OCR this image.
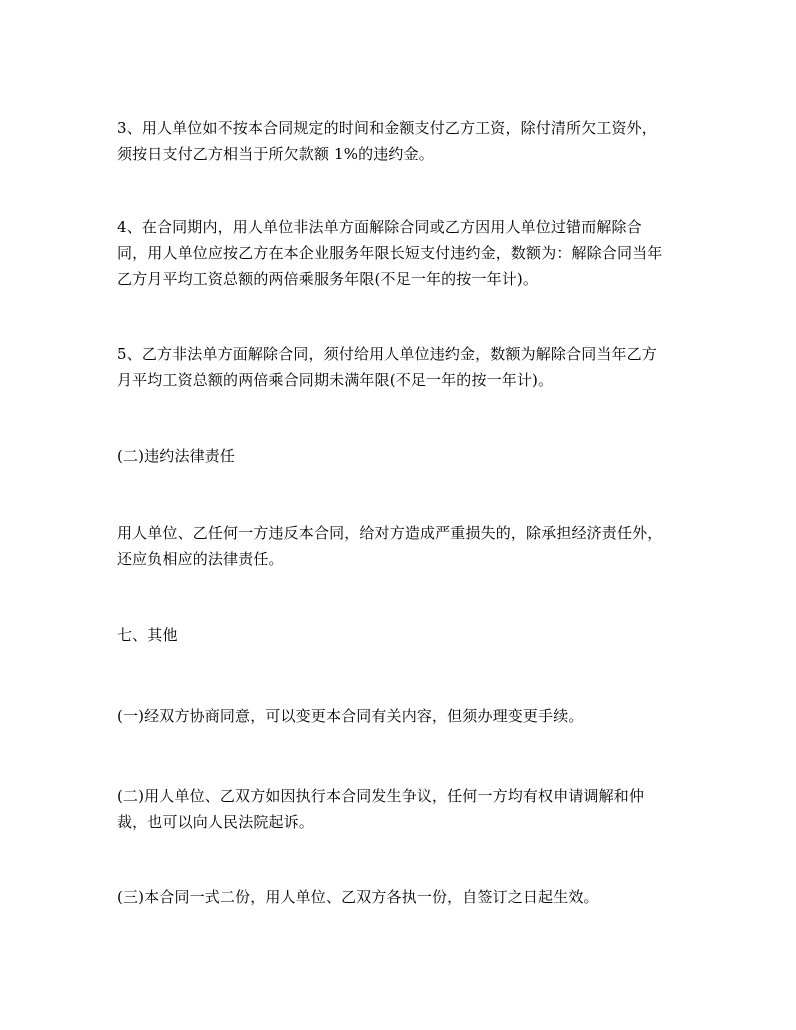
3、用人单位如不按本合同规定的时间和金额支付乙方工资，除付清所欠工资外，
须按日支付乙方相当于所欠款额 1%的违约金。

4、在合同期内，用人单位非法单方面解除合同或乙方因用人单位过错而解除合
同，用人单位应按乙方在本企业服务年限长短支付违约金，数额为：解除合同当年
乙方月平均工资总额的两倍乘服务年限(不足一年的按一年计)。

5、乙方非法单方面解除合同，须付给用人单位违约金，数额为解除合同当年乙方
月平均工资总额的两倍乘合同期未满年限(不足一年的按一年计)。

(二)违约法律责任

用人单位、乙任何一方违反本合同，给对方造成严重损失的，除承担经济责任外，
还应负相应的法律责任。

七、其他

(一)经双方协商同意，可以变更本合同有关内容，但须办理变更手续。

(二)用人单位、乙双方如因执行本合同发生争议，任何一方均有权申请调解和仲
裁，也可以向人民法院起诉。

(三)本合同一式二份，用人单位、乙双方各执一份，自签订之日起生效。
